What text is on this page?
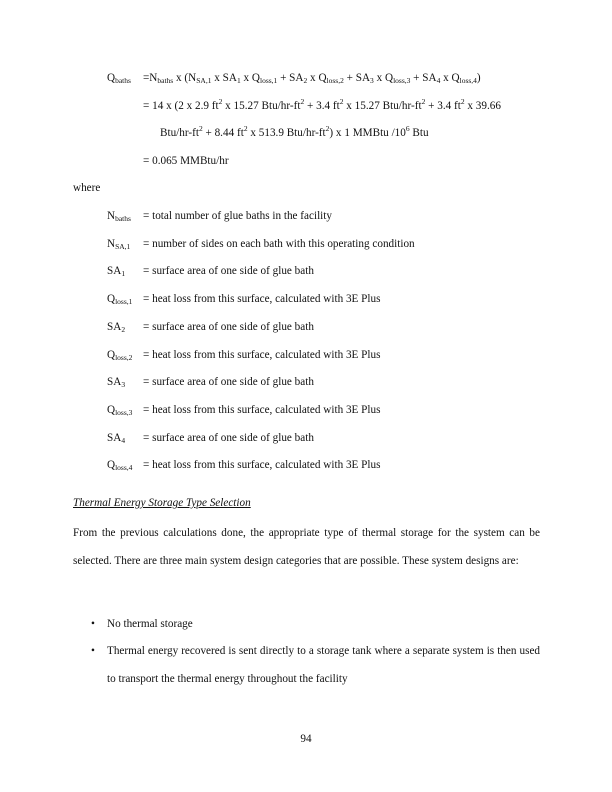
$Q_{baths} =N_{baths}$ x ($N_{SA,1}$ x $SA_1$ x $Q_{loss,1} + SA_2$ x $Q_{loss,2} + SA_3$ x $Q_{loss,3} + SA_4$ x $Q_{loss,4}$)
= 14 x (2 x 2.9 $ft^2$ x 15.27 Btu/$hr-ft^2 + 3.4$ $ft^2$ x 15.27 Btu/$hr-ft^2 + 3.4$ $ft^2$ x 39.66
Btu/$hr-ft^2 + 8.44$ $ft^2$ x 513.9 Btu/$hr-ft^2$) x 1 MMBtu $/10^6$ Btu
= 0.065 MMBtu/hr
where
$N_{baths}$ = total number of glue baths in the facility
$N_{SA,1}$ = number of sides on each bath with this operating condition
$SA_1$ = surface area of one side of glue bath
$Q_{loss,1}$ = heat loss from this surface, calculated with 3E Plus
$SA_2$ = surface area of one side of glue bath
$Q_{loss,2}$ = heat loss from this surface, calculated with 3E Plus
$SA_3$ = surface area of one side of glue bath
$Q_{loss,3}$ = heat loss from this surface, calculated with 3E Plus
$SA_4$ = surface area of one side of glue bath
$Q_{loss,4}$ = heat loss from this surface, calculated with 3E Plus
Thermal Energy Storage Type Selection
From the previous calculations done, the appropriate type of thermal storage for the system can be selected. There are three main system design categories that are possible. These system designs are:
• No thermal storage
• Thermal energy recovered is sent directly to a storage tank where a separate system is then used to transport the thermal energy throughout the facility
94
